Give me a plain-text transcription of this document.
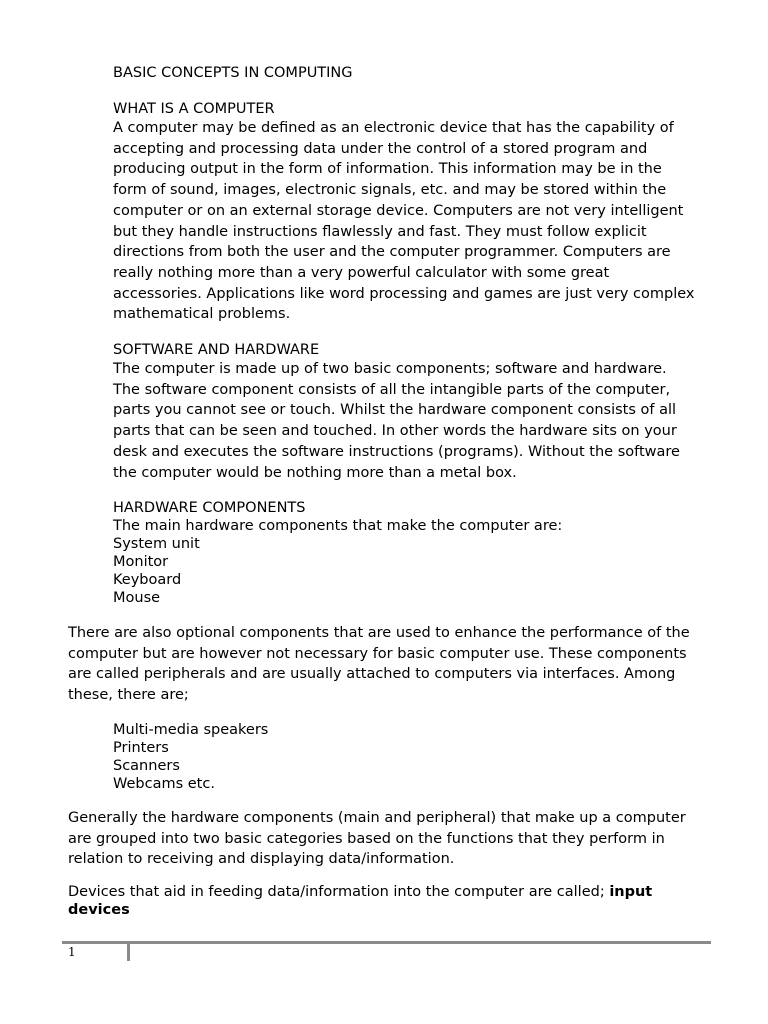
BASIC CONCEPTS IN COMPUTING
WHAT IS A COMPUTER

A computer may be defined as an electronic device that has the capability of
accepting and processing data under the control of a stored program and
producing output in the form of information. This information may be in the
form of sound, images, electronic signals, etc. and may be stored within the
computer or on an external storage device. Computers are not very intelligent
but they handle instructions flawlessly and fast. They must follow explicit
directions from both the user and the computer programmer. Computers are
really nothing more than a very powerful calculator with some great
accessories. Applications like word processing and games are just very complex
mathematical problems.

SOFTWARE AND HARDWARE

The computer is made up of two basic components; software and hardware.
The software component consists of all the intangible parts of the computer,
parts you cannot see or touch. Whilst the hardware component consists of all
parts that can be seen and touched. In other words the hardware sits on your
desk and executes the software instructions (programs). Without the software
the computer would be nothing more than a metal box.

HARDWARE COMPONENTS
The main hardware components that make the computer are:
System unit
Monitor
Keyboard
Mouse

There are also optional components that are used to enhance the performance of the
computer but are however not necessary for basic computer use. These components
are called peripherals and are usually attached to computers via interfaces. Among
these, there are;

Multi-media speakers
Printers
Scanners
Webcams etc.

Generally the hardware components (main and peripheral) that make up a computer
are grouped into two basic categories based on the functions that they perform in
relation to receiving and displaying data/information.

Devices that aid in feeding data/information into the computer are called; input
devices

1
